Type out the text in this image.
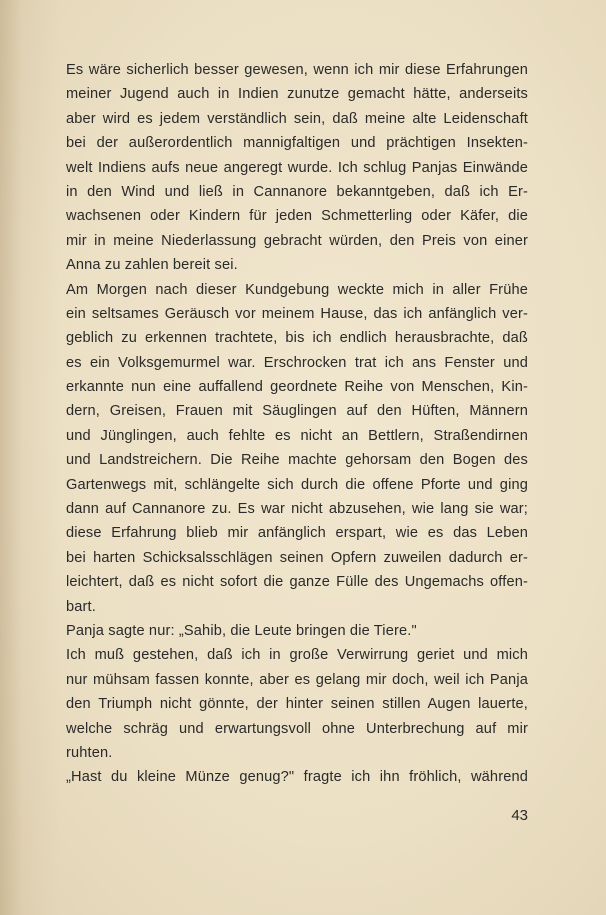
Es wäre sicherlich besser gewesen, wenn ich mir diese Erfahrungen
meiner Jugend auch in Indien zunutze gemacht hätte, anderseits
aber wird es jedem verständlich sein, daß meine alte Leidenschaft
bei der außerordentlich mannigfaltigen und prächtigen Insekten-
welt Indiens aufs neue angeregt wurde. Ich schlug Panjas Einwände
in den Wind und ließ in Cannanore bekanntgeben, daß ich Er-
wachsenen oder Kindern für jeden Schmetterling oder Käfer, die
mir in meine Niederlassung gebracht würden, den Preis von einer
Anna zu zahlen bereit sei.
Am Morgen nach dieser Kundgebung weckte mich in aller Frühe
ein seltsames Geräusch vor meinem Hause, das ich anfänglich ver-
geblich zu erkennen trachtete, bis ich endlich herausbrachte, daß
es ein Volksgemurmel war. Erschrocken trat ich ans Fenster und
erkannte nun eine auffallend geordnete Reihe von Menschen, Kin-
dern, Greisen, Frauen mit Säuglingen auf den Hüften, Männern
und Jünglingen, auch fehlte es nicht an Bettlern, Straßendirnen
und Landstreichern. Die Reihe machte gehorsam den Bogen des
Gartenwegs mit, schlängelte sich durch die offene Pforte und ging
dann auf Cannanore zu. Es war nicht abzusehen, wie lang sie war;
diese Erfahrung blieb mir anfänglich erspart, wie es das Leben
bei harten Schicksalsschlägen seinen Opfern zuweilen dadurch er-
leichtert, daß es nicht sofort die ganze Fülle des Ungemachs offen-
bart.
Panja sagte nur: „Sahib, die Leute bringen die Tiere."
Ich muß gestehen, daß ich in große Verwirrung geriet und mich
nur mühsam fassen konnte, aber es gelang mir doch, weil ich Panja
den Triumph nicht gönnte, der hinter seinen stillen Augen lauerte,
welche schräg und erwartungsvoll ohne Unterbrechung auf mir
ruhten.
„Hast du kleine Münze genug?" fragte ich ihn fröhlich, während
43
